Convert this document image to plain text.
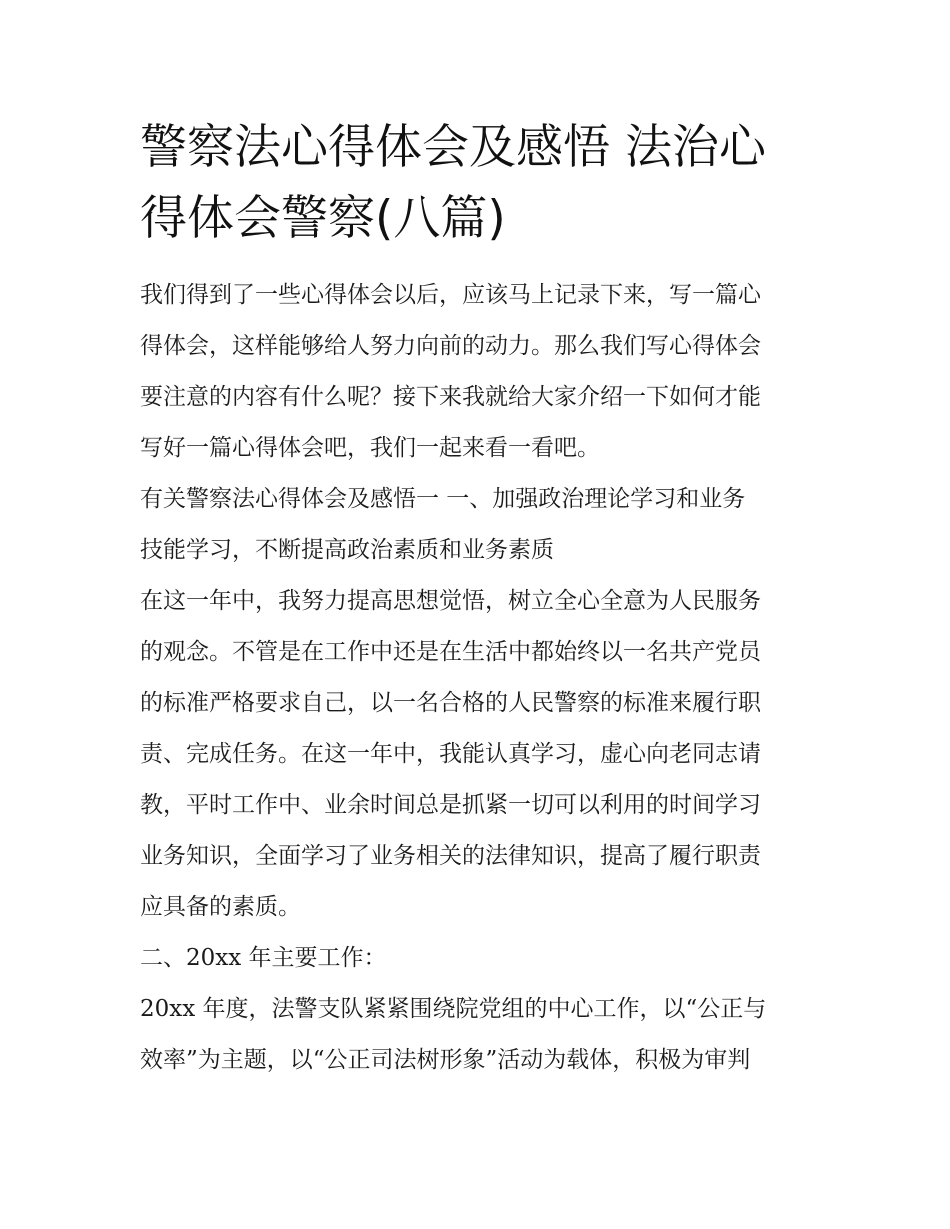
警察法心得体会及感悟 法治心
得体会警察(八篇)

我们得到了一些心得体会以后，应该马上记录下来，写一篇心

得体会，这样能够给人努力向前的动力。那么我们写心得体会

要注意的内容有什么呢？接下来我就给大家介绍一下如何才能

写好一篇心得体会吧，我们一起来看一看吧。

有关警察法心得体会及感悟一 一、加强政治理论学习和业务

技能学习，不断提高政治素质和业务素质

在这一年中，我努力提高思想觉悟，树立全心全意为人民服务

的观念。不管是在工作中还是在生活中都始终以一名共产党员

的标准严格要求自己，以一名合格的人民警察的标准来履行职

责、完成任务。在这一年中，我能认真学习，虚心向老同志请

教，平时工作中、业余时间总是抓紧一切可以利用的时间学习

业务知识，全面学习了业务相关的法律知识，提高了履行职责

应具备的素质。

二、20xx 年主要工作：

20xx 年度，法警支队紧紧围绕院党组的中心工作，以“公正与

效率”为主题，以“公正司法树形象”活动为载体，积极为审判
